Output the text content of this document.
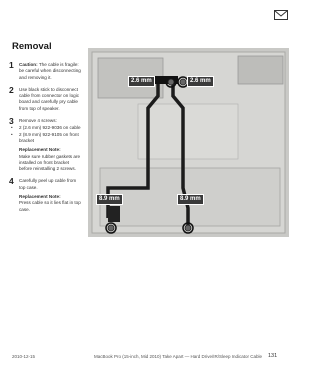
Removal
1 Caution: The cable is fragile: be careful when disconnecting and removing it.
2 Use black stick to disconnect cable from connector on logic board and carefully pry cable from top of speaker.
3 Remove 4 screws:
• 2 (2.6 mm) 922-9036 on cable
• 2 (8.9 mm) 922-9105 on front bracket
Replacement Note:
Make sure rubber gaskets are installed on front bracket before reinstalling 2 screws.
4 Carefully peel up cable from top case.
Replacement Note:
Press cable so it lies flat in top case.
2.6 mm	2.6 mm
8.9 mm	8.9 mm
2010-12-15	MacBook Pro (15-inch, Mid 2010) Take Apart — Hard Drive/IR/Sleep Indicator Cable 131
